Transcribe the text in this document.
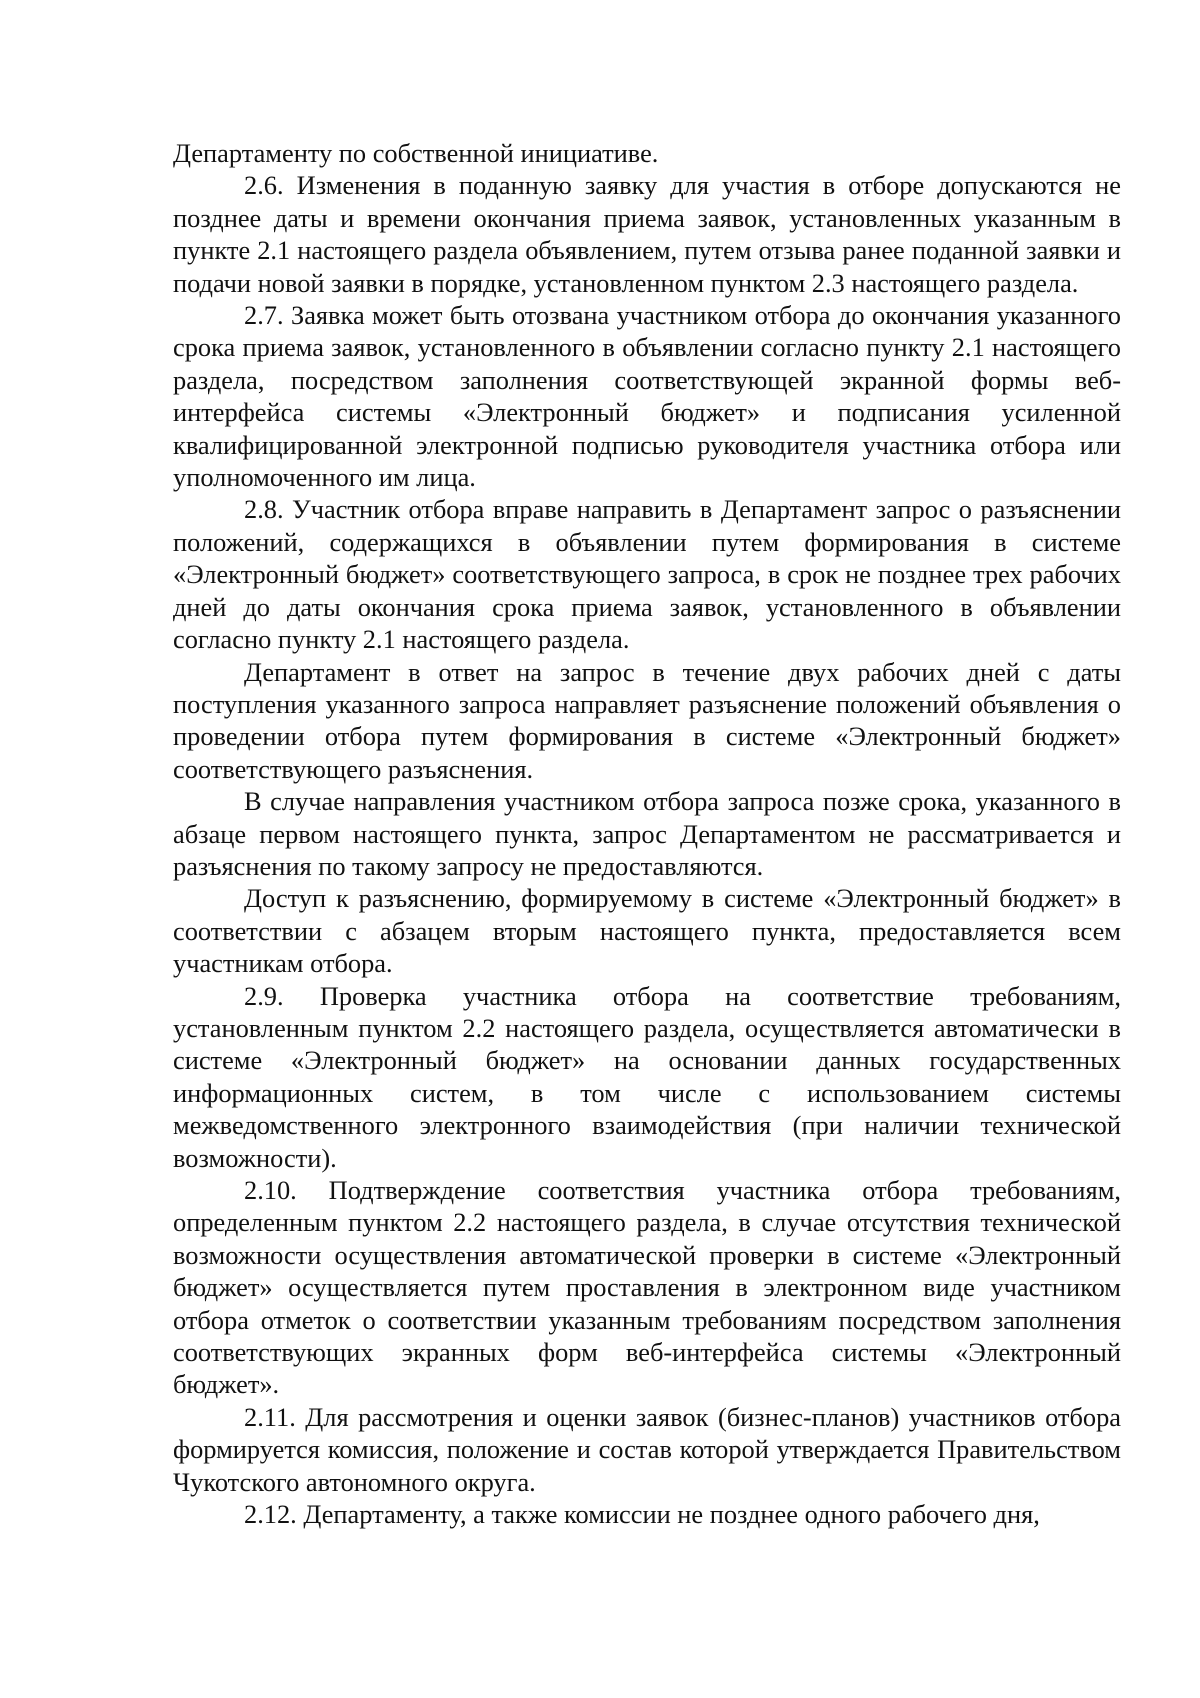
Департаменту по собственной инициативе.

2.6. Изменения в поданную заявку для участия в отборе допускаются не позднее даты и времени окончания приема заявок, установленных указанным в пункте 2.1 настоящего раздела объявлением, путем отзыва ранее поданной заявки и подачи новой заявки в порядке, установленном пунктом 2.3 настоящего раздела.

2.7. Заявка может быть отозвана участником отбора до окончания указанного срока приема заявок, установленного в объявлении согласно пункту 2.1 настоящего раздела, посредством заполнения соответствующей экранной формы веб-интерфейса системы «Электронный бюджет» и подписания усиленной квалифицированной электронной подписью руководителя участника отбора или уполномоченного им лица.

2.8. Участник отбора вправе направить в Департамент запрос о разъяснении положений, содержащихся в объявлении путем формирования в системе «Электронный бюджет» соответствующего запроса, в срок не позднее трех рабочих дней до даты окончания срока приема заявок, установленного в объявлении согласно пункту 2.1 настоящего раздела.

Департамент в ответ на запрос в течение двух рабочих дней с даты поступления указанного запроса направляет разъяснение положений объявления о проведении отбора путем формирования в системе «Электронный бюджет» соответствующего разъяснения.

В случае направления участником отбора запроса позже срока, указанного в абзаце первом настоящего пункта, запрос Департаментом не рассматривается и разъяснения по такому запросу не предоставляются.

Доступ к разъяснению, формируемому в системе «Электронный бюджет» в соответствии с абзацем вторым настоящего пункта, предоставляется всем участникам отбора.

2.9. Проверка участника отбора на соответствие требованиям, установленным пунктом 2.2 настоящего раздела, осуществляется автоматически в системе «Электронный бюджет» на основании данных государственных информационных систем, в том числе с использованием системы межведомственного электронного взаимодействия (при наличии технической возможности).

2.10. Подтверждение соответствия участника отбора требованиям, определенным пунктом 2.2 настоящего раздела, в случае отсутствия технической возможности осуществления автоматической проверки в системе «Электронный бюджет» осуществляется путем проставления в электронном виде участником отбора отметок о соответствии указанным требованиям посредством заполнения соответствующих экранных форм веб-интерфейса системы «Электронный бюджет».

2.11. Для рассмотрения и оценки заявок (бизнес-планов) участников отбора формируется комиссия, положение и состав которой утверждается Правительством Чукотского автономного округа.

2.12. Департаменту, а также комиссии не позднее одного рабочего дня,
